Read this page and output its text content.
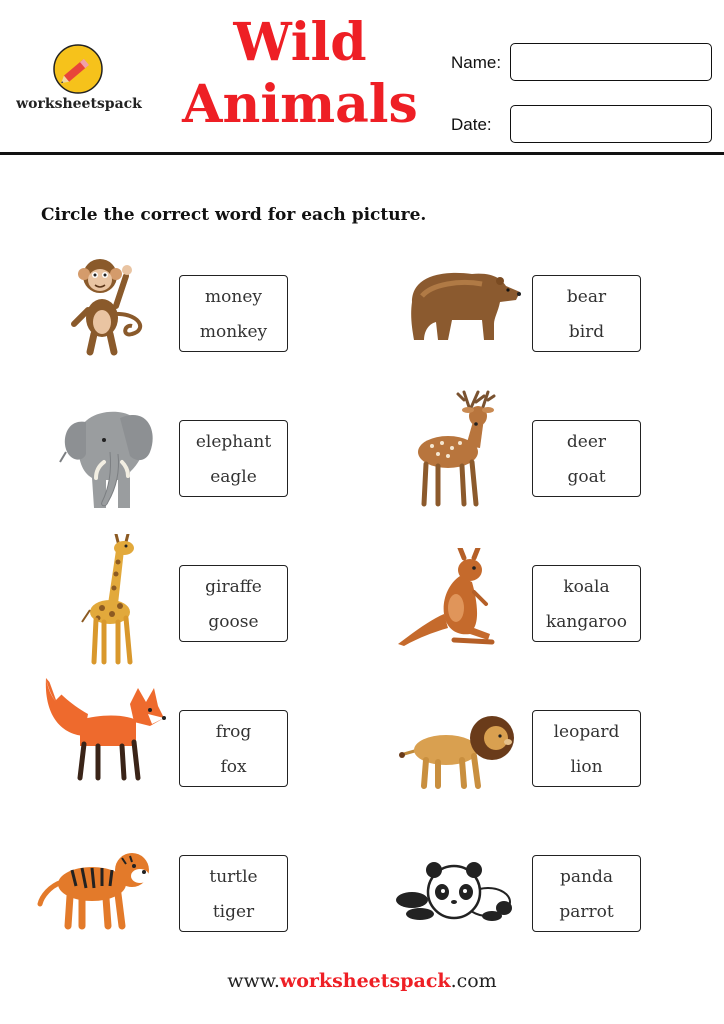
worksheetspack
Wild
Animals
Name:
Date:
Circle the correct word for each picture.
money
monkey
bear
bird
elephant
eagle
deer
goat
giraffe
goose
koala
kangaroo
frog
fox
leopard
lion
turtle
tiger
panda
parrot
www.worksheetspack.com
